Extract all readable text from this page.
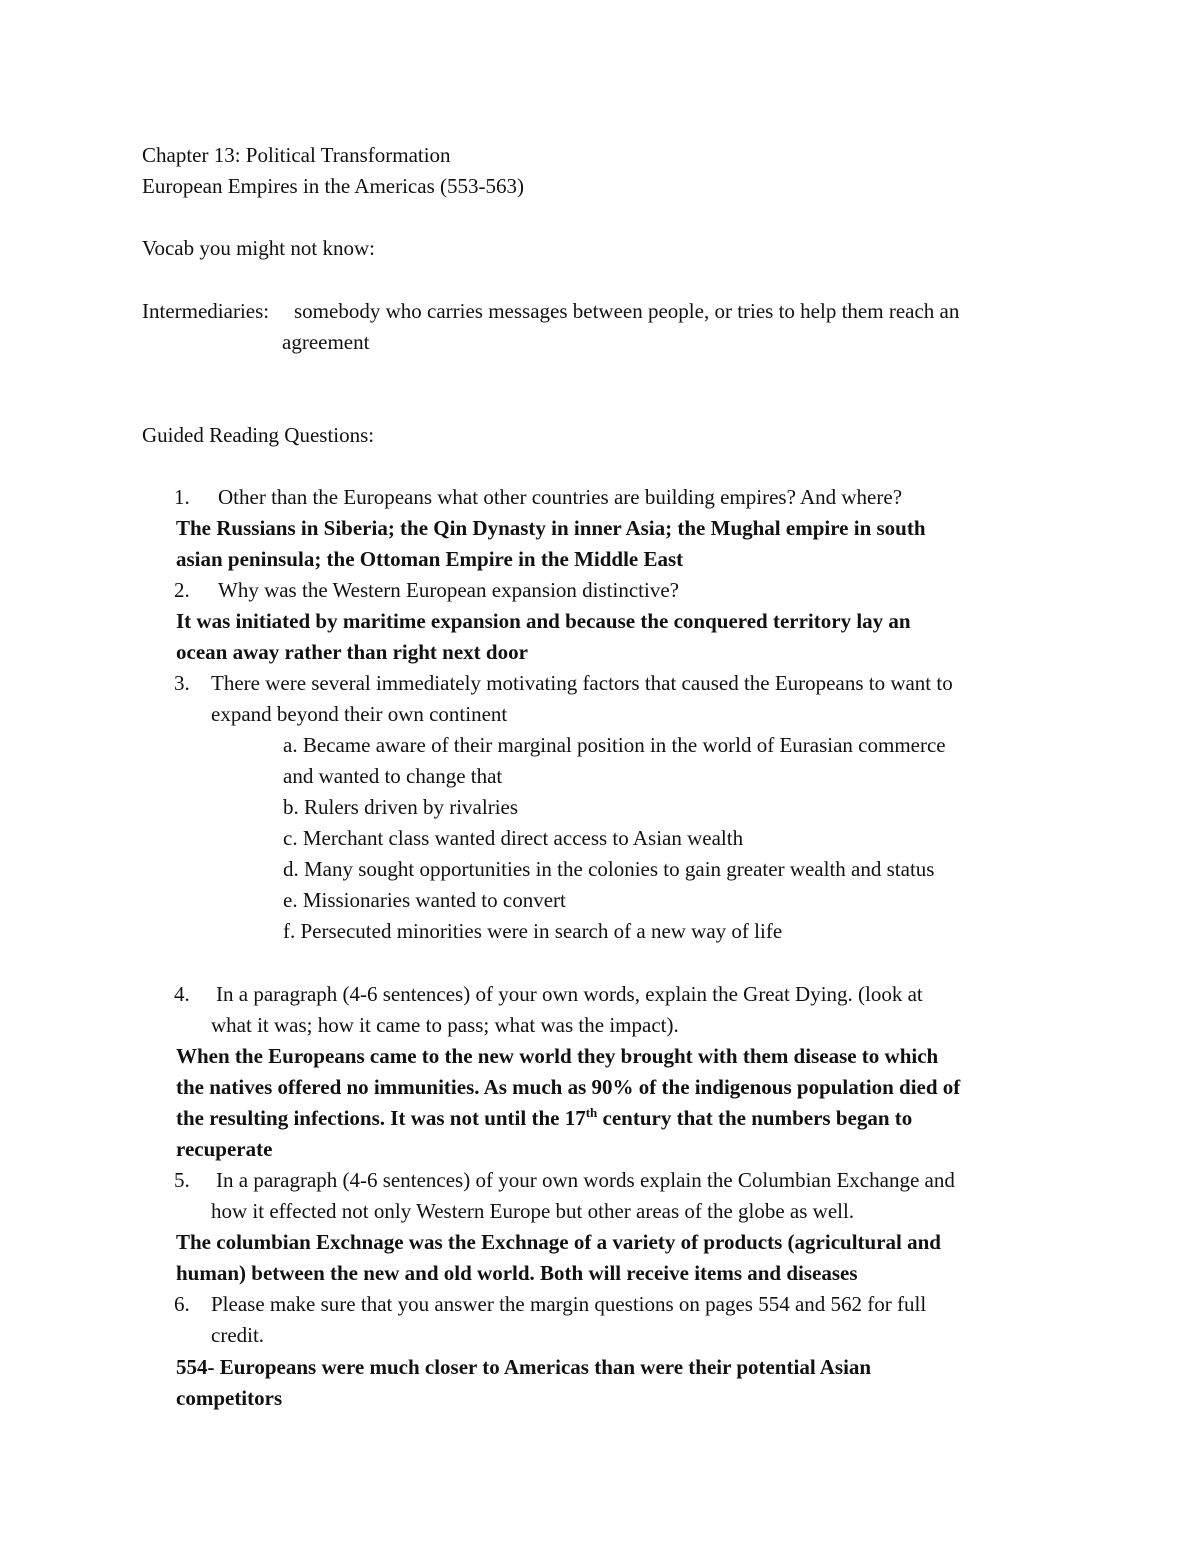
Chapter 13: Political Transformation
European Empires in the Americas (553-563)
Vocab you might not know:
Intermediaries: somebody who carries messages between people, or tries to help them reach an
agreement
Guided Reading Questions:
1. Other than the Europeans what other countries are building empires? And where?
The Russians in Siberia; the Qin Dynasty in inner Asia; the Mughal empire in south
asian peninsula; the Ottoman Empire in the Middle East
2. Why was the Western European expansion distinctive?
It was initiated by maritime expansion and because the conquered territory lay an
ocean away rather than right next door
3. There were several immediately motivating factors that caused the Europeans to want to
expand beyond their own continent
a. Became aware of their marginal position in the world of Eurasian commerce
and wanted to change that
b. Rulers driven by rivalries
c. Merchant class wanted direct access to Asian wealth
d. Many sought opportunities in the colonies to gain greater wealth and status
e. Missionaries wanted to convert
f. Persecuted minorities were in search of a new way of life
4. In a paragraph (4-6 sentences) of your own words, explain the Great Dying. (look at
what it was; how it came to pass; what was the impact).
When the Europeans came to the new world they brought with them disease to which
the natives offered no immunities. As much as 90% of the indigenous population died of
the resulting infections. It was not until the 17th century that the numbers began to
recuperate
5. In a paragraph (4-6 sentences) of your own words explain the Columbian Exchange and
how it effected not only Western Europe but other areas of the globe as well.
The columbian Exchnage was the Exchnage of a variety of products (agricultural and
human) between the new and old world. Both will receive items and diseases
6. Please make sure that you answer the margin questions on pages 554 and 562 for full
credit.
554- Europeans were much closer to Americas than were their potential Asian
competitors
